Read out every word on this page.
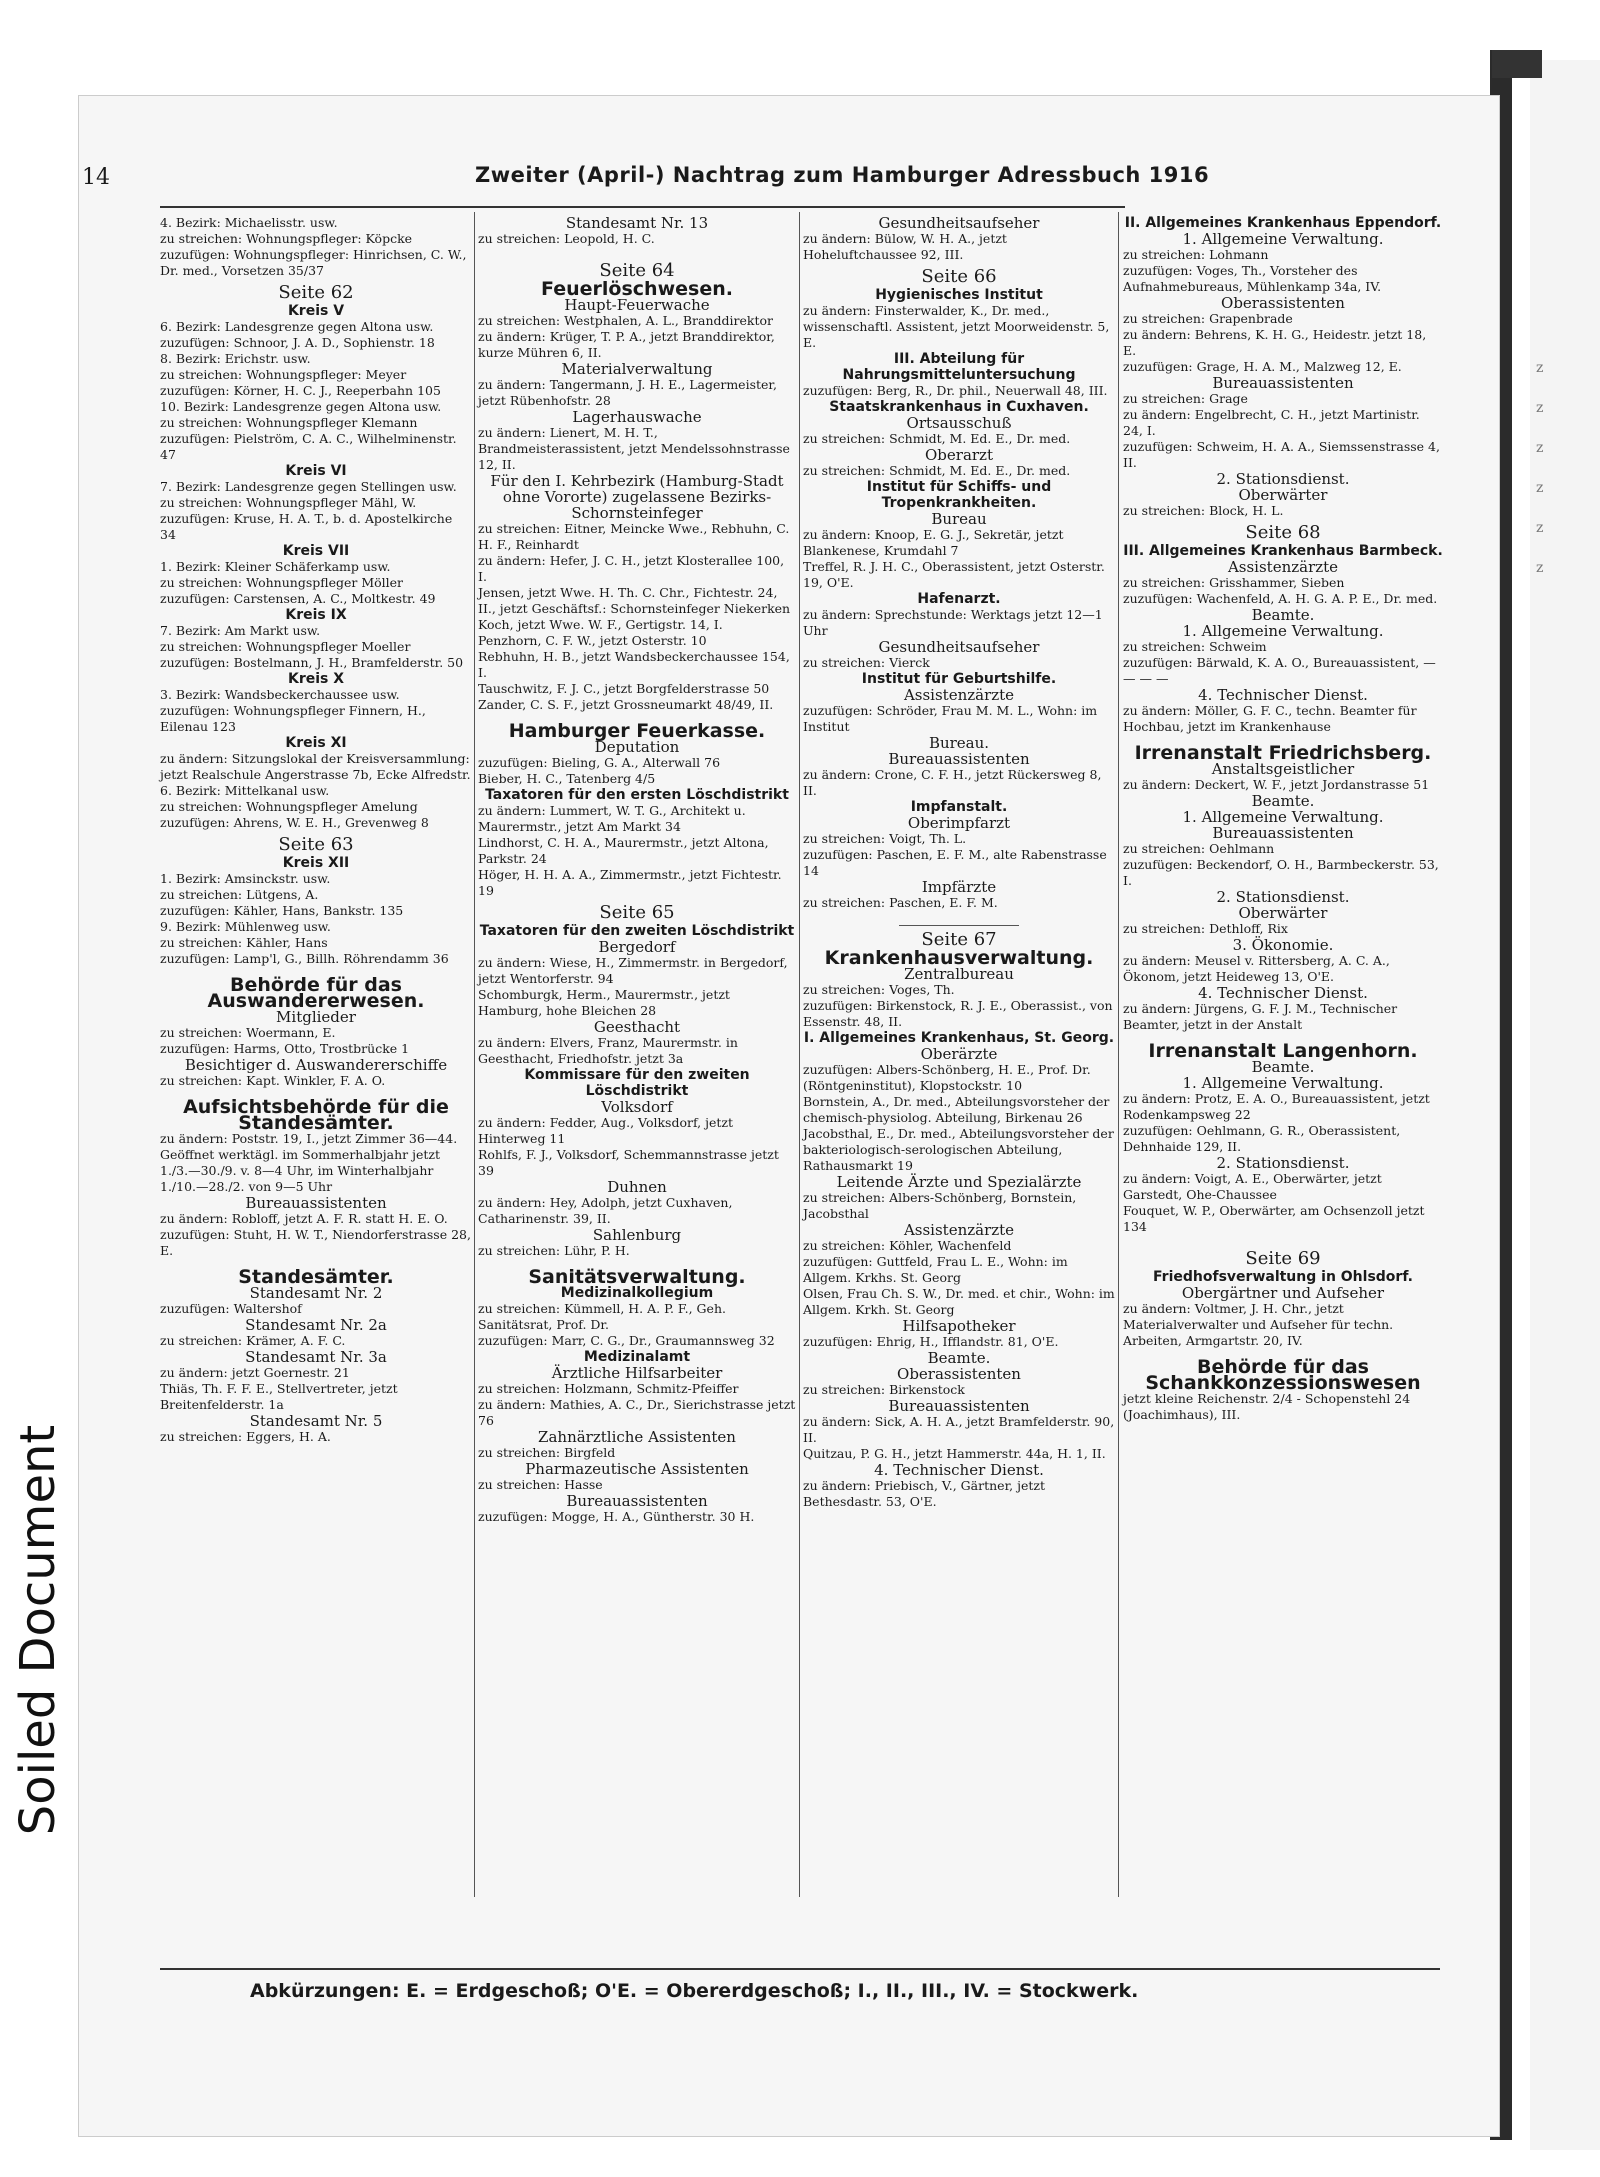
z
z
z
z
z
z
Soiled Document
14	Zweiter (April-) Nachtrag zum Hamburger Adressbuch 1916

4. Bezirk: Michaelisstr. usw.

zu streichen: Wohnungspfleger: Köpcke

zuzufügen: Wohnungspfleger: Hinrichsen, C. W., Dr. med., Vorsetzen 35/37

Seite 62

Kreis V

6. Bezirk: Landesgrenze gegen Altona usw.

zuzufügen: Schnoor, J. A. D., Sophienstr. 18

8. Bezirk: Erichstr. usw.

zu streichen: Wohnungspfleger: Meyer

zuzufügen: Körner, H. C. J., Reeperbahn 105

10. Bezirk: Landesgrenze gegen Altona usw.

zu streichen: Wohnungspfleger Klemann

zuzufügen: Pielström, C. A. C., Wilhelminenstr. 47

Kreis VI

7. Bezirk: Landesgrenze gegen Stellingen usw.

zu streichen: Wohnungspfleger Mähl, W.

zuzufügen: Kruse, H. A. T., b. d. Apostelkirche 34

Kreis VII

1. Bezirk: Kleiner Schäferkamp usw.

zu streichen: Wohnungspfleger Möller

zuzufügen: Carstensen, A. C., Moltkestr. 49

Kreis IX

7. Bezirk: Am Markt usw.

zu streichen: Wohnungspfleger Moeller

zuzufügen: Bostelmann, J. H., Bramfelderstr. 50

Kreis X

3. Bezirk: Wandsbeckerchaussee usw.

zuzufügen: Wohnungspfleger Finnern, H., Eilenau 123

Kreis XI

zu ändern: Sitzungslokal der Kreisversammlung: jetzt Realschule Angerstrasse 7b, Ecke Alfredstr.

6. Bezirk: Mittelkanal usw.

zu streichen: Wohnungspfleger Amelung

zuzufügen: Ahrens, W. E. H., Grevenweg 8

Seite 63

Kreis XII

1. Bezirk: Amsinckstr. usw.

zu streichen: Lütgens, A.

zuzufügen: Kähler, Hans, Bankstr. 135

9. Bezirk: Mühlenweg usw.

zu streichen: Kähler, Hans

zuzufügen: Lamp'l, G., Billh. Röhrendamm 36

Behörde für das Auswandererwesen.

Mitglieder

zu streichen: Woermann, E.

zuzufügen: Harms, Otto, Trostbrücke 1

Besichtiger d. Auswandererschiffe

zu streichen: Kapt. Winkler, F. A. O.

Aufsichtsbehörde für die Standesämter.

zu ändern: Poststr. 19, I., jetzt Zimmer 36—44. Geöffnet werktägl. im Sommerhalbjahr jetzt 1./3.—30./9. v. 8—4 Uhr, im Winterhalbjahr 1./10.—28./2. von 9—5 Uhr

Bureauassistenten

zu ändern: Robloff, jetzt A. F. R. statt H. E. O.

zuzufügen: Stuht, H. W. T., Niendorferstrasse 28, E.

Standesämter.

Standesamt Nr. 2

zuzufügen: Waltershof

Standesamt Nr. 2a

zu streichen: Krämer, A. F. C.

Standesamt Nr. 3a

zu ändern: jetzt Goernestr. 21

Thiäs, Th. F. F. E., Stellvertreter, jetzt Breitenfelderstr. 1a

Standesamt Nr. 5

zu streichen: Eggers, H. A.

Standesamt Nr. 13

zu streichen: Leopold, H. C.

Seite 64

Feuerlöschwesen.

Haupt-Feuerwache

zu streichen: Westphalen, A. L., Branddirektor

zu ändern: Krüger, T. P. A., jetzt Branddirektor, kurze Mühren 6, II.

Materialverwaltung

zu ändern: Tangermann, J. H. E., Lagermeister, jetzt Rübenhofstr. 28

Lagerhauswache

zu ändern: Lienert, M. H. T., Brandmeisterassistent, jetzt Mendelssohnstrasse 12, II.

Für den I. Kehrbezirk (Hamburg-Stadt ohne Vororte) zugelassene Bezirks-Schornsteinfeger

zu streichen: Eitner, Meincke Wwe., Rebhuhn, C. H. F., Reinhardt

zu ändern: Hefer, J. C. H., jetzt Klosterallee 100, I.

Jensen, jetzt Wwe. H. Th. C. Chr., Fichtestr. 24, II., jetzt Geschäftsf.: Schornsteinfeger Niekerken

Koch, jetzt Wwe. W. F., Gertigstr. 14, I.

Penzhorn, C. F. W., jetzt Osterstr. 10

Rebhuhn, H. B., jetzt Wandsbeckerchaussee 154, I.

Tauschwitz, F. J. C., jetzt Borgfelderstrasse 50

Zander, C. S. F., jetzt Grossneumarkt 48/49, II.

Hamburger Feuerkasse.

Deputation

zuzufügen: Bieling, G. A., Alterwall 76

Bieber, H. C., Tatenberg 4/5

Taxatoren für den ersten Löschdistrikt

zu ändern: Lummert, W. T. G., Architekt u. Maurermstr., jetzt Am Markt 34

Lindhorst, C. H. A., Maurermstr., jetzt Altona, Parkstr. 24

Höger, H. H. A. A., Zimmermstr., jetzt Fichtestr. 19

Seite 65

Taxatoren für den zweiten Löschdistrikt

Bergedorf

zu ändern: Wiese, H., Zimmermstr. in Bergedorf, jetzt Wentorferstr. 94

Schomburgk, Herm., Maurermstr., jetzt Hamburg, hohe Bleichen 28

Geesthacht

zu ändern: Elvers, Franz, Maurermstr. in Geesthacht, Friedhofstr. jetzt 3a

Kommissare für den zweiten Löschdistrikt

Volksdorf

zu ändern: Fedder, Aug., Volksdorf, jetzt Hinterweg 11

Rohlfs, F. J., Volksdorf, Schemmannstrasse jetzt 39

Duhnen

zu ändern: Hey, Adolph, jetzt Cuxhaven, Catharinenstr. 39, II.

Sahlenburg

zu streichen: Lühr, P. H.

Sanitätsverwaltung.

Medizinalkollegium

zu streichen: Kümmell, H. A. P. F., Geh. Sanitätsrat, Prof. Dr.

zuzufügen: Marr, C. G., Dr., Graumannsweg 32

Medizinalamt

Ärztliche Hilfsarbeiter

zu streichen: Holzmann, Schmitz-Pfeiffer

zu ändern: Mathies, A. C., Dr., Sierichstrasse jetzt 76

Zahnärztliche Assistenten

zu streichen: Birgfeld

Pharmazeutische Assistenten

zu streichen: Hasse

Bureauassistenten

zuzufügen: Mogge, H. A., Güntherstr. 30 H.

Gesundheitsaufseher

zu ändern: Bülow, W. H. A., jetzt Hoheluftchaussee 92, III.

Seite 66

Hygienisches Institut

zu ändern: Finsterwalder, K., Dr. med., wissenschaftl. Assistent, jetzt Moorweidenstr. 5, E.

III. Abteilung für Nahrungsmitteluntersuchung

zuzufügen: Berg, R., Dr. phil., Neuerwall 48, III.

Staatskrankenhaus in Cuxhaven.

Ortsausschuß

zu streichen: Schmidt, M. Ed. E., Dr. med.

Oberarzt

zu streichen: Schmidt, M. Ed. E., Dr. med.

Institut für Schiffs- und Tropenkrankheiten.

Bureau

zu ändern: Knoop, E. G. J., Sekretär, jetzt Blankenese, Krumdahl 7

Treffel, R. J. H. C., Oberassistent, jetzt Osterstr. 19, O'E.

Hafenarzt.

zu ändern: Sprechstunde: Werktags jetzt 12—1 Uhr

Gesundheitsaufseher

zu streichen: Vierck

Institut für Geburtshilfe.

Assistenzärzte

zuzufügen: Schröder, Frau M. M. L., Wohn: im Institut

Bureau.

Bureauassistenten

zu ändern: Crone, C. F. H., jetzt Rückersweg 8, II.

Impfanstalt.

Oberimpfarzt

zu streichen: Voigt, Th. L.

zuzufügen: Paschen, E. F. M., alte Rabenstrasse 14

Impfärzte

zu streichen: Paschen, E. F. M.

Seite 67

Krankenhausverwaltung.

Zentralbureau

zu streichen: Voges, Th.

zuzufügen: Birkenstock, R. J. E., Oberassist., von Essenstr. 48, II.

I. Allgemeines Krankenhaus, St. Georg.

Oberärzte

zuzufügen: Albers-Schönberg, H. E., Prof. Dr. (Röntgeninstitut), Klopstockstr. 10

Bornstein, A., Dr. med., Abteilungsvorsteher der chemisch-physiolog. Abteilung, Birkenau 26

Jacobsthal, E., Dr. med., Abteilungsvorsteher der bakteriologisch-serologischen Abteilung, Rathausmarkt 19

Leitende Ärzte und Spezialärzte

zu streichen: Albers-Schönberg, Bornstein, Jacobsthal

Assistenzärzte

zu streichen: Köhler, Wachenfeld

zuzufügen: Guttfeld, Frau L. E., Wohn: im Allgem. Krkhs. St. Georg

Olsen, Frau Ch. S. W., Dr. med. et chir., Wohn: im Allgem. Krkh. St. Georg

Hilfsapotheker

zuzufügen: Ehrig, H., Ifflandstr. 81, O'E.

Beamte.

Oberassistenten

zu streichen: Birkenstock

Bureauassistenten

zu ändern: Sick, A. H. A., jetzt Bramfelderstr. 90, II.

Quitzau, P. G. H., jetzt Hammerstr. 44a, H. 1, II.

4. Technischer Dienst.

zu ändern: Priebisch, V., Gärtner, jetzt Bethesdastr. 53, O'E.

II. Allgemeines Krankenhaus Eppendorf.

1. Allgemeine Verwaltung.

zu streichen: Lohmann

zuzufügen: Voges, Th., Vorsteher des Aufnahmebureaus, Mühlenkamp 34a, IV.

Oberassistenten

zu streichen: Grapenbrade

zu ändern: Behrens, K. H. G., Heidestr. jetzt 18, E.

zuzufügen: Grage, H. A. M., Malzweg 12, E.

Bureauassistenten

zu streichen: Grage

zu ändern: Engelbrecht, C. H., jetzt Martinistr. 24, I.

zuzufügen: Schweim, H. A. A., Siemssenstrasse 4, II.

2. Stationsdienst.

Oberwärter

zu streichen: Block, H. L.

Seite 68

III. Allgemeines Krankenhaus Barmbeck.

Assistenzärzte

zu streichen: Grisshammer, Sieben

zuzufügen: Wachenfeld, A. H. G. A. P. E., Dr. med.

Beamte.

1. Allgemeine Verwaltung.

zu streichen: Schweim

zuzufügen: Bärwald, K. A. O., Bureauassistent, — — — —

4. Technischer Dienst.

zu ändern: Möller, G. F. C., techn. Beamter für Hochbau, jetzt im Krankenhause

Irrenanstalt Friedrichsberg.

Anstaltsgeistlicher

zu ändern: Deckert, W. F., jetzt Jordanstrasse 51

Beamte.

1. Allgemeine Verwaltung.

Bureauassistenten

zu streichen: Oehlmann

zuzufügen: Beckendorf, O. H., Barmbeckerstr. 53, I.

2. Stationsdienst.

Oberwärter

zu streichen: Dethloff, Rix

3. Ökonomie.

zu ändern: Meusel v. Rittersberg, A. C. A., Ökonom, jetzt Heideweg 13, O'E.

4. Technischer Dienst.

zu ändern: Jürgens, G. F. J. M., Technischer Beamter, jetzt in der Anstalt

Irrenanstalt Langenhorn.

Beamte.

1. Allgemeine Verwaltung.

zu ändern: Protz, E. A. O., Bureauassistent, jetzt Rodenkampsweg 22

zuzufügen: Oehlmann, G. R., Oberassistent, Dehnhaide 129, II.

2. Stationsdienst.

zu ändern: Voigt, A. E., Oberwärter, jetzt Garstedt, Ohe-Chaussee

Fouquet, W. P., Oberwärter, am Ochsenzoll jetzt 134

Seite 69

Friedhofsverwaltung in Ohlsdorf.

Obergärtner und Aufseher

zu ändern: Voltmer, J. H. Chr., jetzt Materialverwalter und Aufseher für techn. Arbeiten, Armgartstr. 20, IV.

Behörde für das Schankkonzessionswesen

jetzt kleine Reichenstr. 2/4 - Schopenstehl 24 (Joachimhaus), III.

Abkürzungen: E. = Erdgeschoß; O'E. = Obererdgeschoß; I., II., III., IV. = Stockwerk.
